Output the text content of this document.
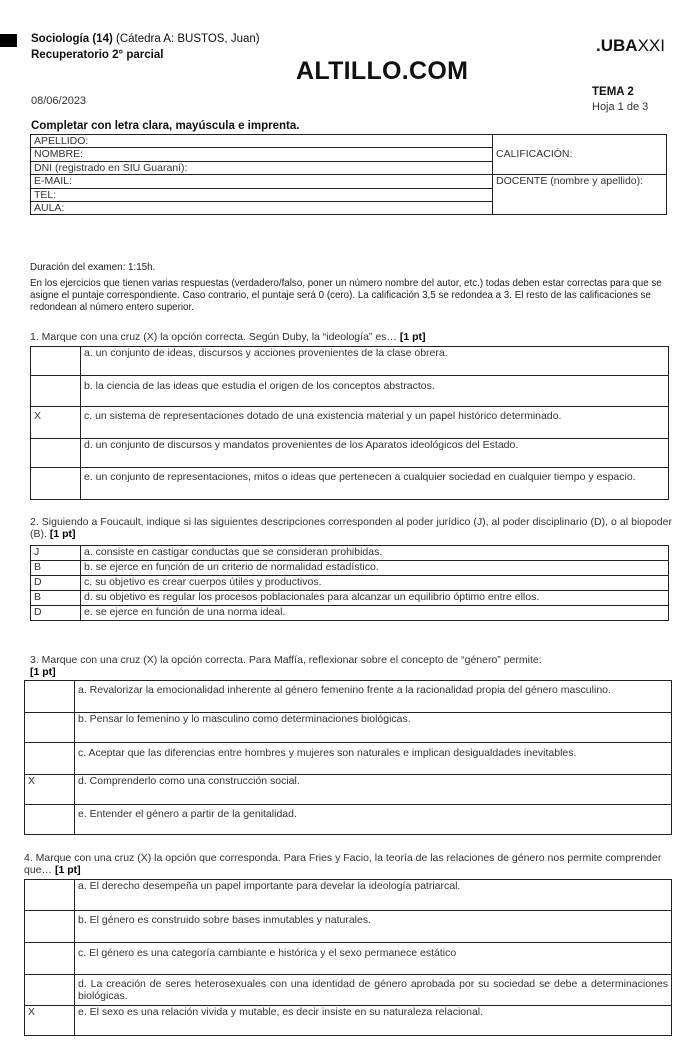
Sociología (14) (Cátedra A: BUSTOS, Juan)
Recuperatorio 2° parcial
ALTILLO.COM
.UBAXXI
08/06/2023
TEMA 2
Hoja 1 de 3
Completar con letra clara, mayúscula e imprenta.
APELLIDO:	CALIFICACIÓN:
NOMBRE:	
DNI (registrado en SIU Guaraní):	
E-MAIL:	DOCENTE (nombre y apellido):
TEL:	
AULA:	

Duración del examen: 1:15h.

En los ejercicios que tienen varias respuestas (verdadero/falso, poner un número nombre del autor, etc.) todas deben estar correctas para que se asigne el puntaje correspondiente. Caso contrario, el puntaje será 0 (cero). La calificación 3,5 se redondea a 3. El resto de las calificaciones se redondean al número entero superior.

1. Marque con una cruz (X) la opción correcta. Según Duby, la “ideología” es… [1 pt]
	a. un conjunto de ideas, discursos y acciones provenientes de la clase obrera.
	b. la ciencia de las ideas que estudia el origen de los conceptos abstractos.
X	c. un sistema de representaciones dotado de una existencia material y un papel histórico determinado.
	d. un conjunto de discursos y mandatos provenientes de los Aparatos ideológicos del Estado.
	e. un conjunto de representaciones, mitos o ideas que pertenecen a cualquier sociedad en cualquier tiempo y espacio.
2. Siguiendo a Foucault, indique si las siguientes descripciones corresponden al poder jurídico (J), al poder disciplinario (D), o al biopoder (B). [1 pt]
J	a. consiste en castigar conductas que se consideran prohibidas.
B	b. se ejerce en función de un criterio de normalidad estadístico.
D	c. su objetivo es crear cuerpos útiles y productivos.
B	d. su objetivo es regular los procesos poblacionales para alcanzar un equilibrio óptimo entre ellos.
D	e. se ejerce en función de una norma ideal.
3. Marque con una cruz (X) la opción correcta. Para Maffía, reflexionar sobre el concepto de “género” permite:
[1 pt]
	a. Revalorizar la emocionalidad inherente al género femenino frente a la racionalidad propia del género masculino.
	b. Pensar lo femenino y lo masculino como determinaciones biológicas.
	c. Aceptar que las diferencias entre hombres y mujeres son naturales e implican desigualdades inevitables.
X	d. Comprenderlo como una construcción social.
	e. Entender el género a partir de la genitalidad.
4. Marque con una cruz (X) la opción que corresponda. Para Fries y Facio, la teoría de las relaciones de género nos permite comprender que… [1 pt]
	a. El derecho desempeña un papel importante para develar la ideología patriarcal.
	b. El género es construido sobre bases inmutables y naturales.
	c. El género es una categoría cambiante e histórica y el sexo permanece estático
	d. La creación de seres heterosexuales con una identidad de género aprobada por su sociedad se debe a determinaciones biológicas.
X	e. El sexo es una relación vivida y mutable, es decir insiste en su naturaleza relacional.
